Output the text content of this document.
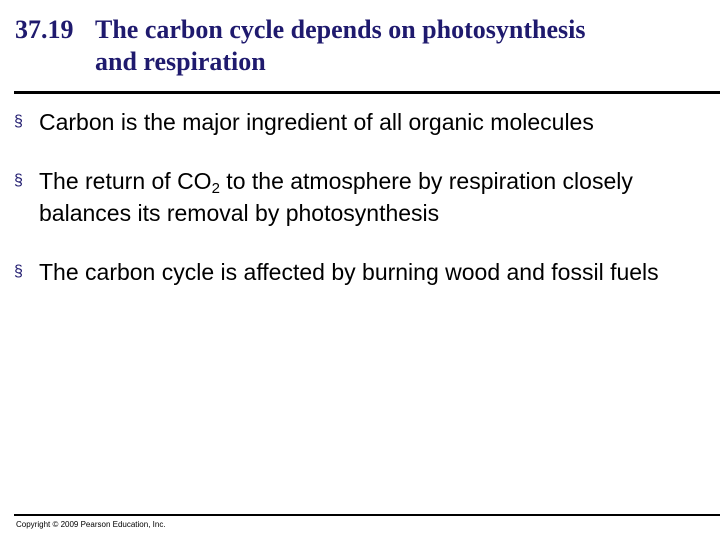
37.19 The carbon cycle depends on photosynthesis
and respiration
§ Carbon is the major ingredient of all organic molecules
§ The return of $CO_2$ to the atmosphere by respiration closely balances its removal by photosynthesis
§ The carbon cycle is affected by burning wood and fossil fuels
Copyright © 2009 Pearson Education, Inc.
